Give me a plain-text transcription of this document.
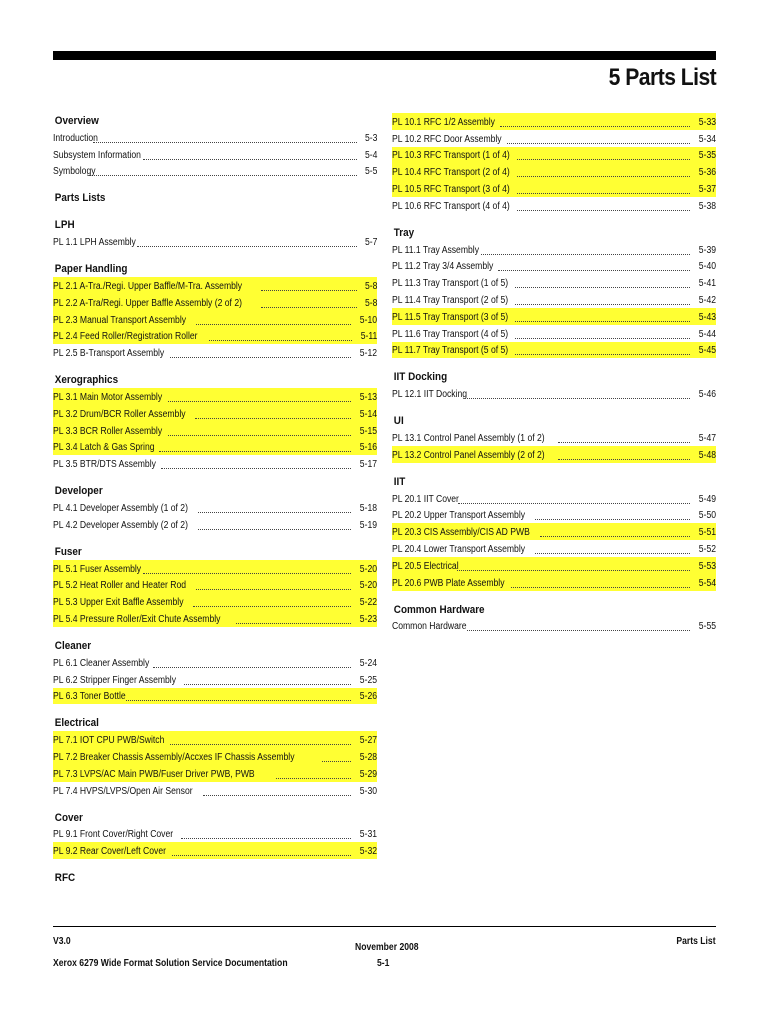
5 Parts List
Overview
Introduction	5-3
Subsystem Information	5-4
Symbology	5-5
Parts Lists
LPH
PL 1.1 LPH Assembly	5-7
Paper Handling
PL 2.1 A-Tra./Regi. Upper Baffle/M-Tra. Assembly	5-8
PL 2.2 A-Tra/Regi. Upper Baffle Assembly (2 of 2)	5-8
PL 2.3 Manual Transport Assembly	5-10
PL 2.4 Feed Roller/Registration Roller	5-11
PL 2.5 B-Transport Assembly	5-12
Xerographics
PL 3.1 Main Motor Assembly	5-13
PL 3.2 Drum/BCR Roller Assembly	5-14
PL 3.3 BCR Roller Assembly	5-15
PL 3.4 Latch & Gas Spring	5-16
PL 3.5 BTR/DTS Assembly	5-17
Developer
PL 4.1 Developer Assembly (1 of 2)	5-18
PL 4.2 Developer Assembly (2 of 2)	5-19
Fuser
PL 5.1 Fuser Assembly	5-20
PL 5.2 Heat Roller and Heater Rod	5-20
PL 5.3 Upper Exit Baffle Assembly	5-22
PL 5.4 Pressure Roller/Exit Chute Assembly	5-23
Cleaner
PL 6.1 Cleaner Assembly	5-24
PL 6.2 Stripper Finger Assembly	5-25
PL 6.3 Toner Bottle	5-26
Electrical
PL 7.1 IOT CPU PWB/Switch	5-27
PL 7.2 Breaker Chassis Assembly/Accxes IF Chassis Assembly	5-28
PL 7.3 LVPS/AC Main PWB/Fuser Driver PWB, PWB	5-29
PL 7.4 HVPS/LVPS/Open Air Sensor	5-30
Cover
PL 9.1 Front Cover/Right Cover	5-31
PL 9.2 Rear Cover/Left Cover	5-32
RFC
PL 10.1 RFC 1/2 Assembly	5-33
PL 10.2 RFC Door Assembly	5-34
PL 10.3 RFC Transport (1 of 4)	5-35
PL 10.4 RFC Transport (2 of 4)	5-36
PL 10.5 RFC Transport (3 of 4)	5-37
PL 10.6 RFC Transport (4 of 4)	5-38
Tray
PL 11.1 Tray Assembly	5-39
PL 11.2 Tray 3/4 Assembly	5-40
PL 11.3 Tray Transport (1 of 5)	5-41
PL 11.4 Tray Transport (2 of 5)	5-42
PL 11.5 Tray Transport (3 of 5)	5-43
PL 11.6 Tray Transport (4 of 5)	5-44
PL 11.7 Tray Transport (5 of 5)	5-45
IIT Docking
PL 12.1 IIT Docking	5-46
UI
PL 13.1 Control Panel Assembly (1 of 2)	5-47
PL 13.2 Control Panel Assembly (2 of 2)	5-48
IIT
PL 20.1 IIT Cover	5-49
PL 20.2 Upper Transport Assembly	5-50
PL 20.3 CIS Assembly/CIS AD PWB	5-51
PL 20.4 Lower Transport Assembly	5-52
PL 20.5 Electrical	5-53
PL 20.6 PWB Plate Assembly	5-54
Common Hardware
Common Hardware	5-55
V3.0
Xerox 6279 Wide Format Solution Service Documentation
November 2008
5-1
Parts List
